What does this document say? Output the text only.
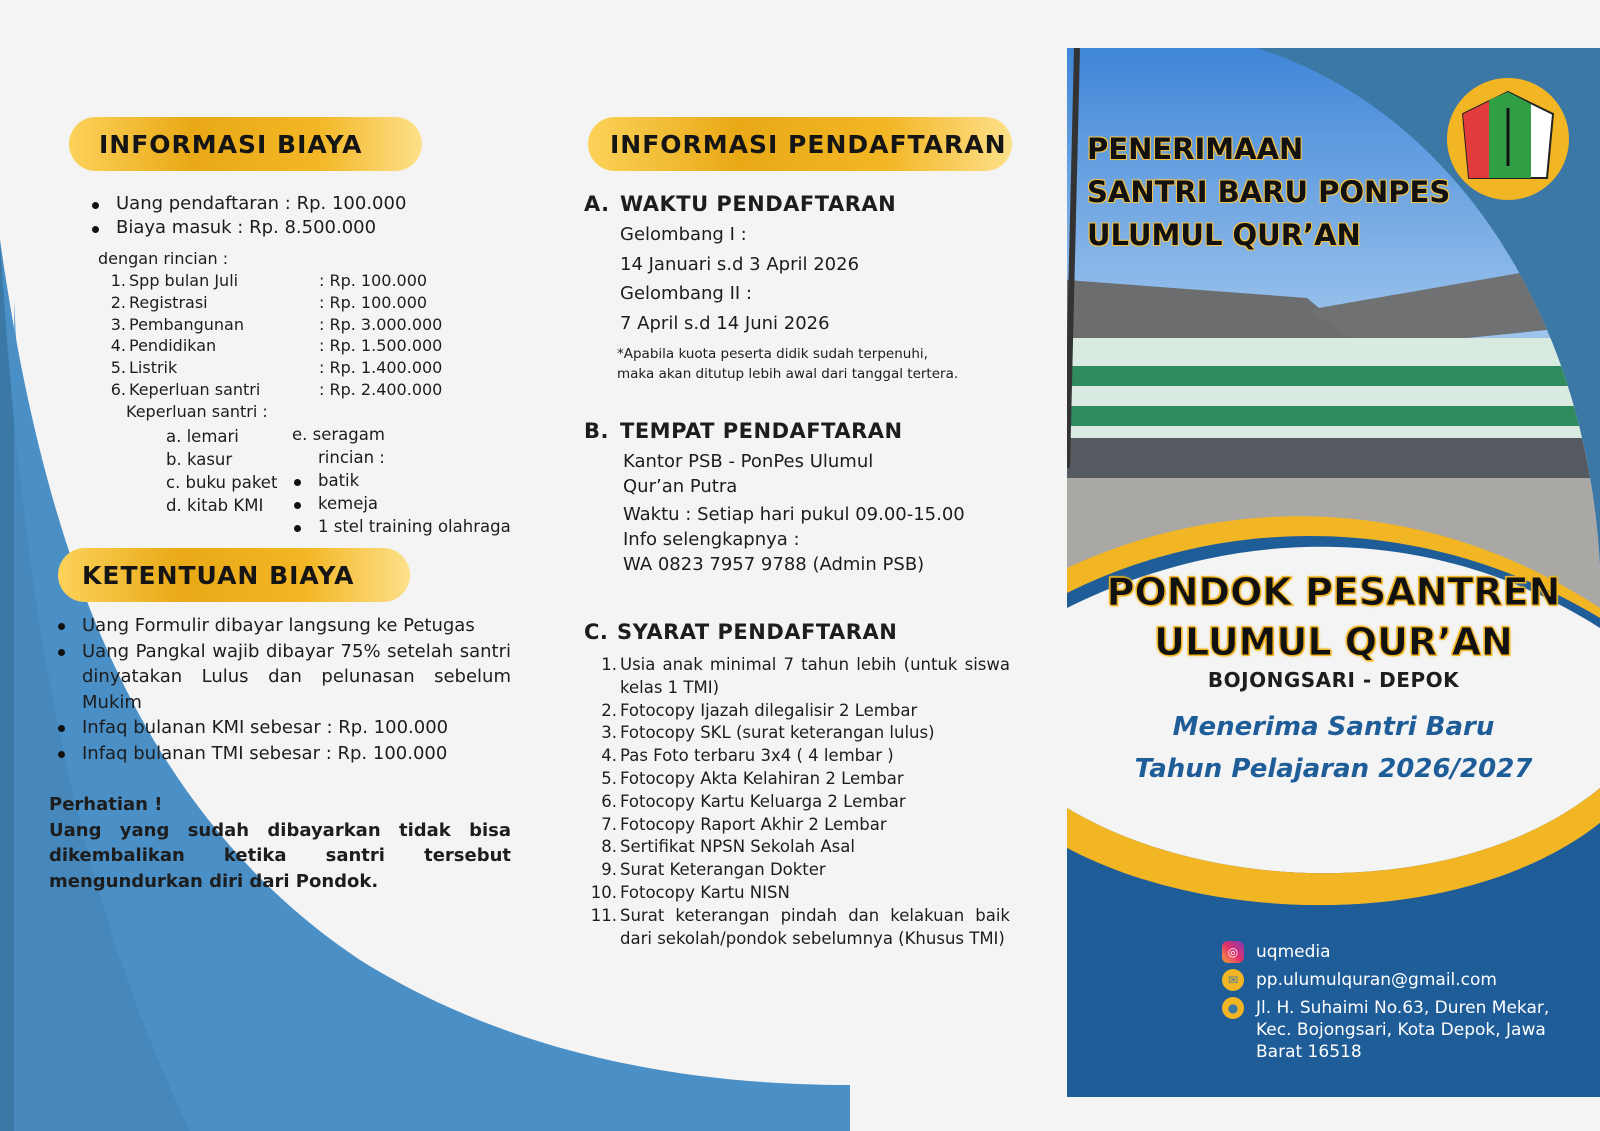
INFORMASI BIAYA
Uang pendaftaran : Rp. 100.000
Biaya masuk : Rp. 8.500.000
dengan rincian :
1. Spp bulan Juli	: Rp. 100.000
2. Registrasi	: Rp. 100.000
3. Pembangunan	: Rp. 3.000.000
4. Pendidikan	: Rp. 1.500.000
5. Listrik	: Rp. 1.400.000
6. Keperluan santri	: Rp. 2.400.000
Keperluan santri :
a. lemari
b. kasur
c. buku paket
d. kitab KMI
e. seragam
rincian :
batik
kemeja
1 stel training olahraga
KETENTUAN BIAYA
Uang Formulir dibayar langsung ke Petugas
Uang Pangkal wajib dibayar 75% setelah santri dinyatakan Lulus dan pelunasan sebelum Mukim
Infaq bulanan KMI sebesar : Rp. 100.000
Infaq bulanan TMI sebesar : Rp. 100.000
Perhatian !
Uang yang sudah dibayarkan tidak bisa dikembalikan ketika santri tersebut mengundurkan diri dari Pondok.
INFORMASI PENDAFTARAN
A. WAKTU PENDAFTARAN
Gelombang I :
14 Januari s.d 3 April 2026
Gelombang II :
7 April s.d 14 Juni 2026
*Apabila kuota peserta didik sudah terpenuhi,
maka akan ditutup lebih awal dari tanggal tertera.
B. TEMPAT PENDAFTARAN
Kantor PSB - PonPes Ulumul
Qur’an Putra
Waktu : Setiap hari pukul 09.00-15.00
Info selengkapnya :
WA 0823 7957 9788 (Admin PSB)
C. SYARAT PENDAFTARAN
1. Usia anak minimal 7 tahun lebih (untuk siswa kelas 1 TMI)
2. Fotocopy Ijazah dilegalisir 2 Lembar
3. Fotocopy SKL (surat keterangan lulus)
4. Pas Foto terbaru 3x4 ( 4 lembar )
5. Fotocopy Akta Kelahiran 2 Lembar
6. Fotocopy Kartu Keluarga 2 Lembar
7. Fotocopy Raport Akhir 2 Lembar
8. Sertifikat NPSN Sekolah Asal
9. Surat Keterangan Dokter
10. Fotocopy Kartu NISN
11. Surat keterangan pindah dan kelakuan baik dari sekolah/pondok sebelumnya (Khusus TMI)
PENERIMAAN
SANTRI BARU PONPES
ULUMUL QUR’AN
PONDOK PESANTREN
ULUMUL QUR’AN
BOJONGSARI - DEPOK
Menerima Santri Baru
Tahun Pelajaran 2026/2027
◎	uqmedia
✉	pp.ulumulquran@gmail.com
●	Jl. H. Suhaimi No.63, Duren Mekar, Kec. Bojongsari, Kota Depok, Jawa Barat 16518
